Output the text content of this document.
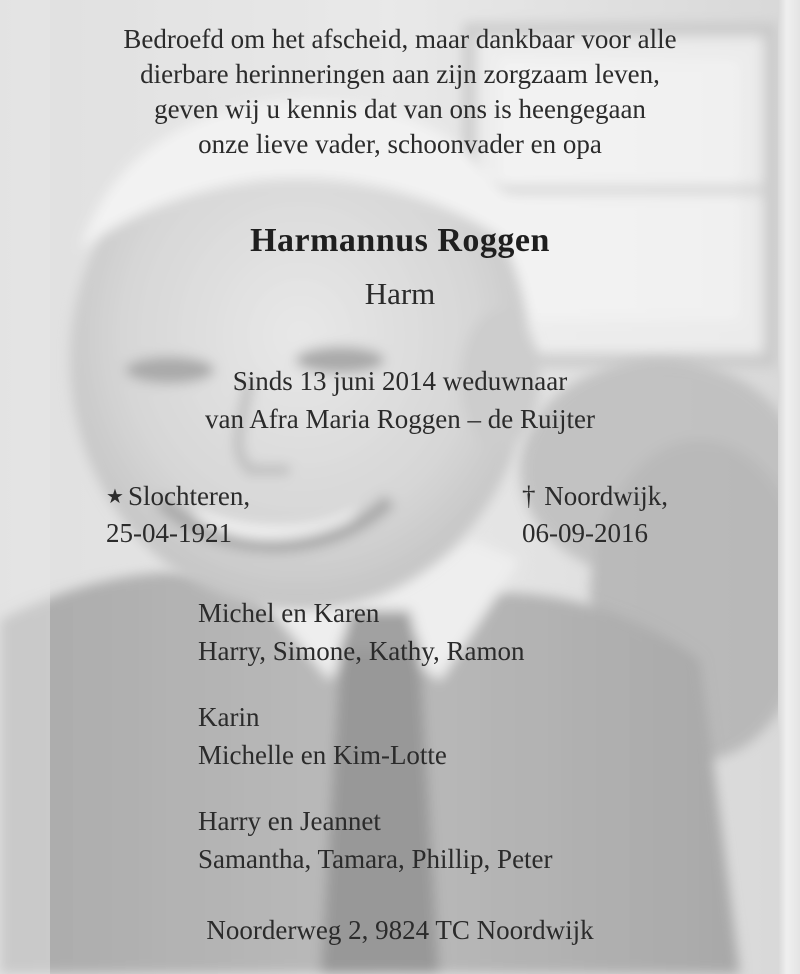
Bedroefd om het afscheid, maar dankbaar voor alle
dierbare herinneringen aan zijn zorgzaam leven,
geven wij u kennis dat van ons is heengegaan
onze lieve vader, schoonvader en opa
Harmannus Roggen
Harm
Sinds 13 juni 2014 weduwnaar
van Afra Maria Roggen – de Ruijter
★ Slochteren,
25-04-1921
† Noordwijk,
06-09-2016
Michel en Karen
Harry, Simone, Kathy, Ramon
Karin
Michelle en Kim-Lotte
Harry en Jeannet
Samantha, Tamara, Phillip, Peter
Noorderweg 2, 9824 TC Noordwijk
